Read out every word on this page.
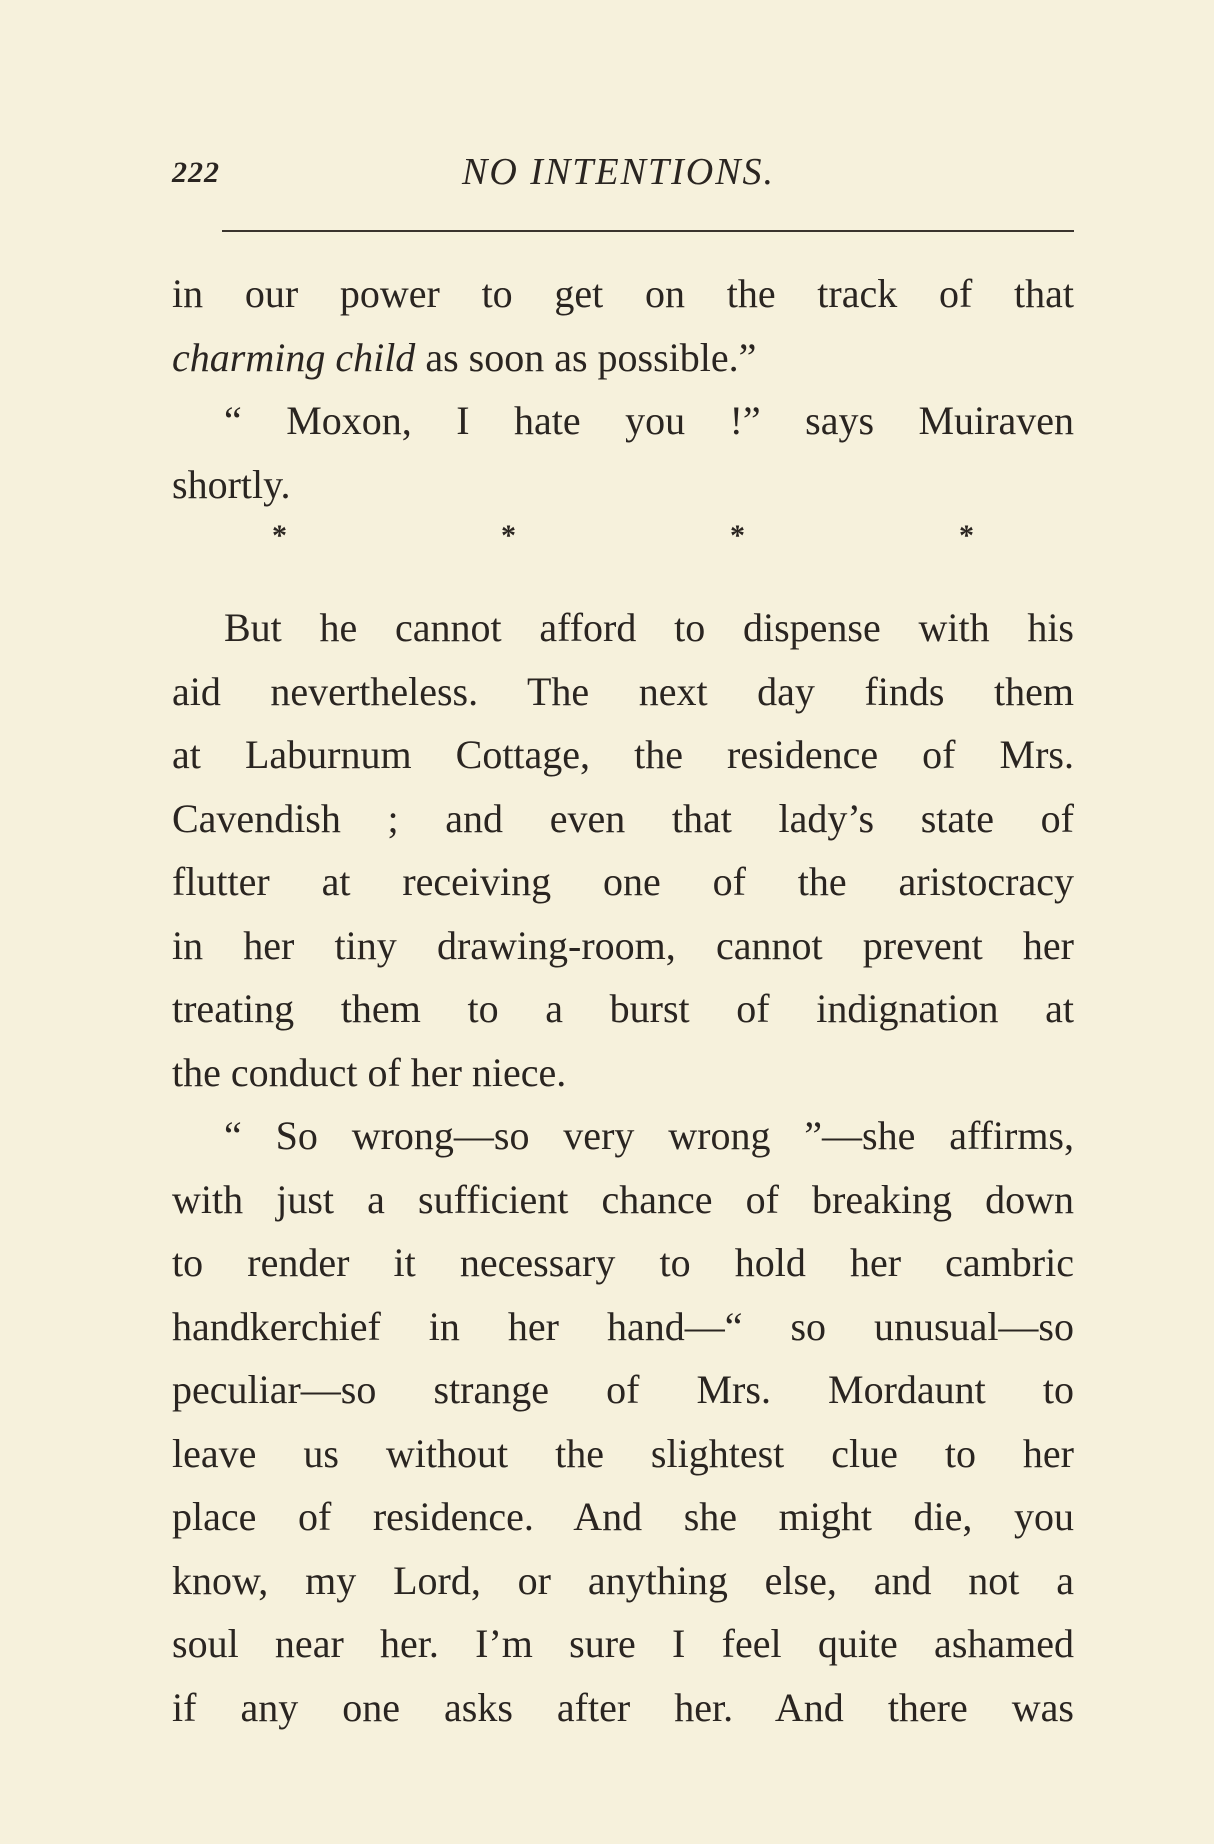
222	NO INTENTIONS.
in our power to get on the track of that
charming child as soon as possible.”
“ Moxon, I hate you !” says Muiraven
shortly.
*	*	*	*
But he cannot afford to dispense with his
aid nevertheless. The next day finds them
at Laburnum Cottage, the residence of Mrs.
Cavendish ; and even that lady’s state of
flutter at receiving one of the aristocracy
in her tiny drawing-room, cannot prevent her
treating them to a burst of indignation at
the conduct of her niece.
“ So wrong—so very wrong ”—she affirms,
with just a sufficient chance of breaking down
to render it necessary to hold her cambric
handkerchief in her hand—“ so unusual—so
peculiar—so strange of Mrs. Mordaunt to
leave us without the slightest clue to her
place of residence. And she might die, you
know, my Lord, or anything else, and not a
soul near her. I’m sure I feel quite ashamed
if any one asks after her. And there was
